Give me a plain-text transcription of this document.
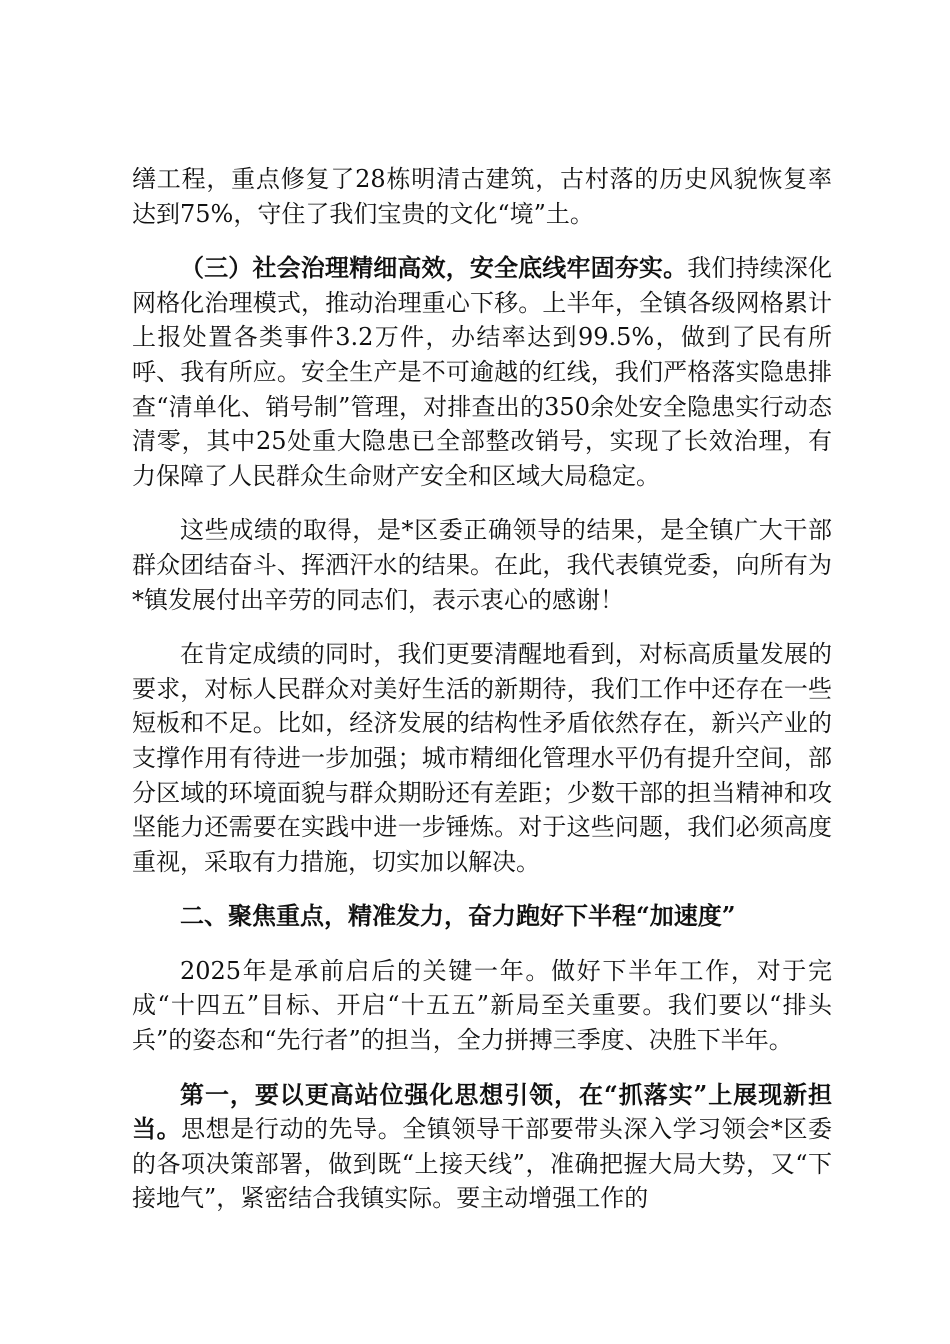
缮工程，重点修复了28栋明清古建筑，古村落的历史风貌恢复率达到75%，守住了我们宝贵的文化“境”土。

（三）社会治理精细高效，安全底线牢固夯实。我们持续深化网格化治理模式，推动治理重心下移。上半年，全镇各级网格累计上报处置各类事件3.2万件，办结率达到99.5%，做到了民有所呼、我有所应。安全生产是不可逾越的红线，我们严格落实隐患排查“清单化、销号制”管理，对排查出的350余处安全隐患实行动态清零，其中25处重大隐患已全部整改销号，实现了长效治理，有力保障了人民群众生命财产安全和区域大局稳定。

这些成绩的取得，是*区委正确领导的结果，是全镇广大干部群众团结奋斗、挥洒汗水的结果。在此，我代表镇党委，向所有为*镇发展付出辛劳的同志们，表示衷心的感谢！

在肯定成绩的同时，我们更要清醒地看到，对标高质量发展的要求，对标人民群众对美好生活的新期待，我们工作中还存在一些短板和不足。比如，经济发展的结构性矛盾依然存在，新兴产业的支撑作用有待进一步加强；城市精细化管理水平仍有提升空间，部分区域的环境面貌与群众期盼还有差距；少数干部的担当精神和攻坚能力还需要在实践中进一步锤炼。对于这些问题，我们必须高度重视，采取有力措施，切实加以解决。

二、聚焦重点，精准发力，奋力跑好下半程“加速度”

2025年是承前启后的关键一年。做好下半年工作，对于完成“十四五”目标、开启“十五五”新局至关重要。我们要以“排头兵”的姿态和“先行者”的担当，全力拼搏三季度、决胜下半年。

第一，要以更高站位强化思想引领，在“抓落实”上展现新担当。思想是行动的先导。全镇领导干部要带头深入学习领会*区委的各项决策部署，做到既“上接天线”，准确把握大局大势，又“下接地气”，紧密结合我镇实际。要主动增强工作的
